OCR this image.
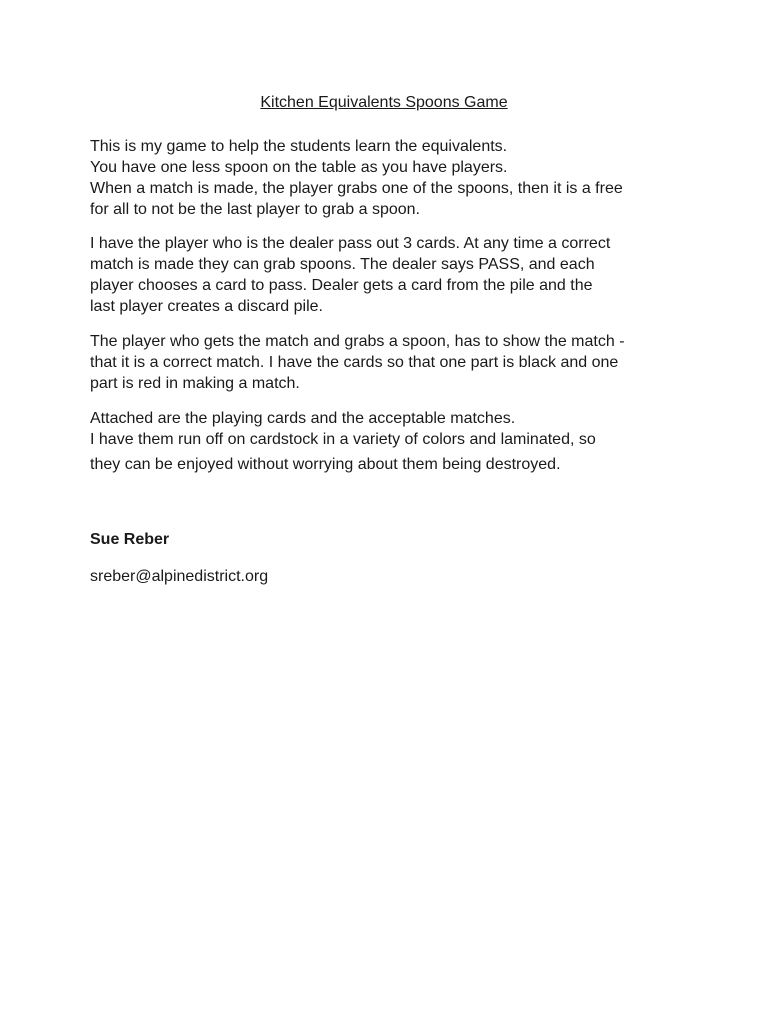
Kitchen Equivalents Spoons Game
This is my game to help the students learn the equivalents.
You have one less spoon on the table as you have players.
When a match is made, the player grabs one of the spoons, then it is a free
for all to not be the last player to grab a spoon.
I have the player who is the dealer pass out 3 cards. At any time a correct
match is made they can grab spoons. The dealer says PASS, and each
player chooses a card to pass. Dealer gets a card from the pile and the
last player creates a discard pile.
The player who gets the match and grabs a spoon, has to show the match -
that it is a correct match. I have the cards so that one part is black and one
part is red in making a match.
Attached are the playing cards and the acceptable matches.
I have them run off on cardstock in a variety of colors and laminated, so
they can be enjoyed without worrying about them being destroyed.
Sue Reber
sreber@alpinedistrict.org
